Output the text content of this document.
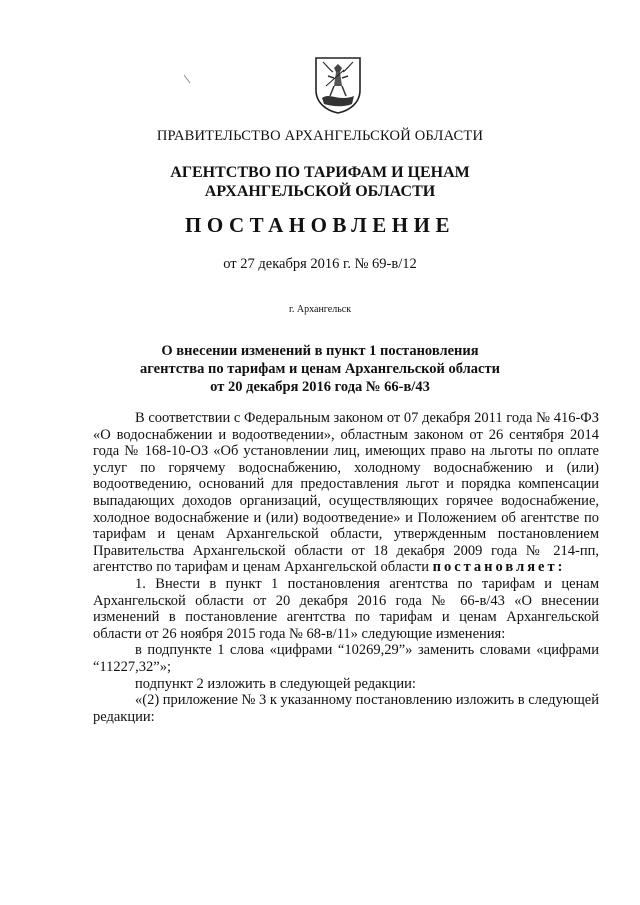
ПРАВИТЕЛЬСТВО АРХАНГЕЛЬСКОЙ ОБЛАСТИ
АГЕНТСТВО ПО ТАРИФАМ И ЦЕНАМ
АРХАНГЕЛЬСКОЙ ОБЛАСТИ
ПОСТАНОВЛЕНИЕ
от 27 декабря 2016 г. № 69-в/12
г. Архангельск
О внесении изменений в пункт 1 постановления
агентства по тарифам и ценам Архангельской области
от 20 декабря 2016 года № 66-в/43

В соответствии с Федеральным законом от 07 декабря 2011 года № 416-ФЗ «О водоснабжении и водоотведении», областным законом от 26 сентября 2014 года № 168-10-ОЗ «Об установлении лиц, имеющих право на льготы по оплате услуг по горячему водоснабжению, холодному водоснабжению и (или) водоотведению, оснований для предоставления льгот и порядка компенсации выпадающих доходов организаций, осуществляющих горячее водоснабжение, холодное водоснабжение и (или) водоотведение» и Положением об агентстве по тарифам и ценам Архангельской области, утвержденным постановлением Правительства Архангельской области от 18 декабря 2009 года № 214-пп, агентство по тарифам и ценам Архангельской области постановляет:

1. Внести в пункт 1 постановления агентства по тарифам и ценам Архангельской области от 20 декабря 2016 года № 66-в/43 «О внесении изменений в постановление агентства по тарифам и ценам Архангельской области от 26 ноября 2015 года № 68-в/11» следующие изменения:

в подпункте 1 слова «цифрами “10269,29”» заменить словами «цифрами “11227,32”»;

подпункт 2 изложить в следующей редакции:

«(2) приложение № 3 к указанному постановлению изложить в следующей редакции:
